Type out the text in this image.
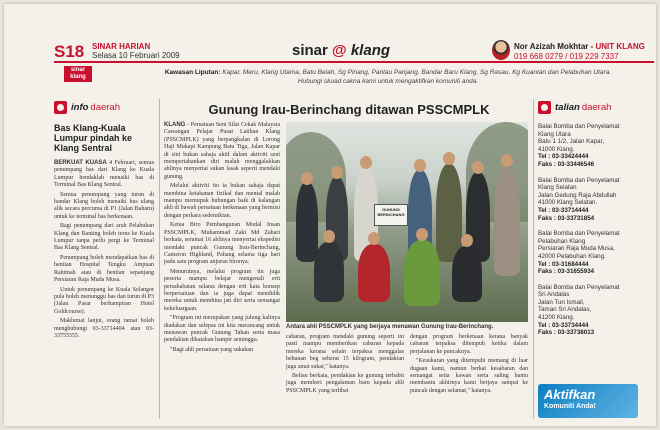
S18 SINAR HARIAN
Selasa 10 Februari 2009	sinar @ klang	Nor Azizah Mokhtar - UNIT KLANG
019 668 0279 / 019 229 7337
sinar
klang
Kawasan Liputan: Kapar, Meru, Klang Utama, Batu Belah, Sg Pinang, Pantau Panjang, Bandar Baru Klang, Sg Rasau, Kg Kuantan dan Pelabuhan Utara.
Hubungi skuad cakna kami untuk mengaktifkan komuniti anda.
info daerah
Bas Klang-Kuala Lumpur pindah ke Klang Sentral

BERKUAT KUASA 4 Februari, semua penumpang bas dari Klang ke Kuala Lumpur hendaklah menaiki bas di Terminal Bas Klang Sentral.

Semua penumpang yang turun di bandar Klang boleh menaiki bas ulang alik secara percuma di P1 (Jalan Baharu) untuk ke terminal bas berkenaan.

Bagi penumpang dari arah Pelabuhan Klang dan Banting boleh terus ke Kuala Lumpur tanpa perlu pergi ke Terminal Bas Klang Sentral.

Penumpang boleh mendapatkan bas di hentian Hospital Tengku Ampuan Rahimah atau di hentian sepanjang Persiaran Raja Muda Musa.

Untuk penumpang ke Kuala Selangor pula boleh menunggu bas dan turun di P3 (Jalan Pasar berhampiran Hotel Goldcourse).

Maklumat lanjut, orang ramai boleh menghubungi 03-33714404 atau 03-33755555.

Gunung Irau-Berinchang ditawan PSSCMPLK

KLANG - Persatuan Seni Silat Cekak Malaysia Cawangan Pelajar Pusat Latihan Klang (PSSCMPLK) yang berpangkalan di Lorong Haji Mukapi Kampung Batu Tiga, Jalan Kapar di sini bukan sahaja aktif dalam aktiviti seni mempertahankan diri malah menggalakkan ahlinya menyertai sukan lasak seperti mendaki gunung.

Melalui aktiviti itu ia bukan sahaja dapat membina ketahanan fizikal dan mental malah mampu memupuk hubungan baik di kalangan ahli di bawah persatuan berkenaan yang bermisi dengan perkara sedemikian.

Ketua Biro Pembangunan Modal Insan PSSCMPLK, Muhammad Zaki Md Zabari berkata, seramai 16 ahlinya menyertai ekspedisi mendaki puncak Gunung Irau-Berinchang, Cameron Highland, Pahang selama tiga hari pada satu program anjuran bironya.

Menurutnya, melalui program itu juga peserta mampu belajar mengenali erti persahabatan selaras dengan erti kata konsep berpersatuan dan ia juga dapat mendidik mereka untuk membina jati diri serta semangat kekeluargaan.

"Program ini merupakan yang julung kalinya diadakan dan selepas ini kita merancang untuk menawan puncak Gunung Tahan serta masa pendakian dikatakan hampir seminggu.

"Bagi ahli persatuan yang sukakan

GUNUNG BERINCHANG
Antara ahli PSSCMPLK yang berjaya menawan Gunung Irau-Berinchang.

cabaran, program mendaki gunung seperti ini pasti mampu memberikan cabaran kepada mereka kerana selain terpaksa menggalas bebanan beg seberat 15 kilogram, pendakian juga amat sukar," katanya.

Beliau berkata, pendakian ke gunung terbabit juga memberi pengalaman baru kepada ahli PSSCMPLK yang terlibat

dengan program berkenaan kerana banyak cabaran terpaksa ditempuh ketika dalam perjalanan ke puncaknya.

"Kesukaran yang ditempuhi memang di luar dugaan kami, namun berkat kesabaran dan semangat setia kawan serta saling bantu membantu akhirnya kami berjaya sampai ke puncak dengan selamat," katanya.

talian daerah
Balai Bomba dan Penyelamat
Klang Utara
Batu 1 1/2, Jalan Kapar,
41000 Klang.
Tel : 03-33424444
Faks : 03-33446546
Balai Bomba dan Penyelamat
Klang Selatan
Jalan Gedung Raja Abdullah
41000 Klang Selatan.
Tel : 03-33714444
Faks : 03-33731854
Balai Bomba dan Penyelamat
Pelabuhan Klang
Persiaran Raja Muda Musa,
42000 Pelabuhan Klang.
Tel : 03-31684444
Faks : 03-31655934
Balai Bomba dan Penyelamat
Sri Andalas
Jalan Tun Ismail,
Taman Sri Andalas,
41200 Klang.
Tel : 03-33734444
Faks : 03-33738013
Aktifkan
Komuniti Anda!
